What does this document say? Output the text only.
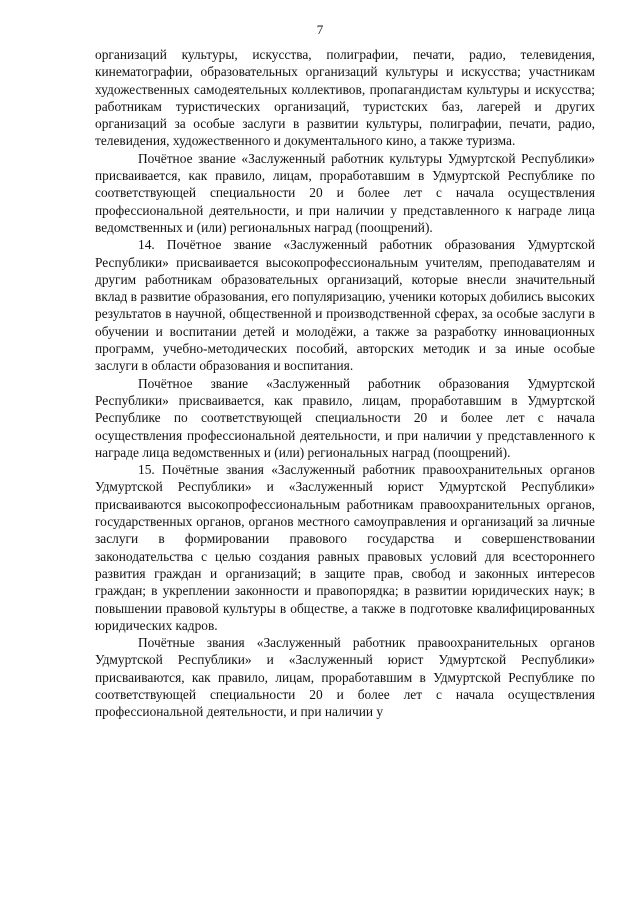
7

организаций культуры, искусства, полиграфии, печати, радио, телевидения, кинематографии, образовательных организаций культуры и искусства; участникам художественных самодеятельных коллективов, пропагандистам культуры и искусства; работникам туристических организаций, туристских баз, лагерей и других организаций за особые заслуги в развитии культуры, полиграфии, печати, радио, телевидения, художественного и документального кино, а также туризма.

Почётное звание «Заслуженный работник культуры Удмуртской Республики» присваивается, как правило, лицам, проработавшим в Удмуртской Республике по соответствующей специальности 20 и более лет с начала осуществления профессиональной деятельности, и при наличии у представленного к награде лица ведомственных и (или) региональных наград (поощрений).

14. Почётное звание «Заслуженный работник образования Удмуртской Республики» присваивается высокопрофессиональным учителям, преподавателям и другим работникам образовательных организаций, которые внесли значительный вклад в развитие образования, его популяризацию, ученики которых добились высоких результатов в научной, общественной и производственной сферах, за особые заслуги в обучении и воспитании детей и молодёжи, а также за разработку инновационных программ, учебно-методических пособий, авторских методик и за иные особые заслуги в области образования и воспитания.

Почётное звание «Заслуженный работник образования Удмуртской Республики» присваивается, как правило, лицам, проработавшим в Удмуртской Республике по соответствующей специальности 20 и более лет с начала осуществления профессиональной деятельности, и при наличии у представленного к награде лица ведомственных и (или) региональных наград (поощрений).

15. Почётные звания «Заслуженный работник правоохранительных органов Удмуртской Республики» и «Заслуженный юрист Удмуртской Республики» присваиваются высокопрофессиональным работникам правоохранительных органов, государственных органов, органов местного самоуправления и организаций за личные заслуги в формировании правового государства и совершенствовании законодательства с целью создания равных правовых условий для всестороннего развития граждан и организаций; в защите прав, свобод и законных интересов граждан; в укреплении законности и правопорядка; в развитии юридических наук; в повышении правовой культуры в обществе, а также в подготовке квалифицированных юридических кадров.

Почётные звания «Заслуженный работник правоохранительных органов Удмуртской Республики» и «Заслуженный юрист Удмуртской Республики» присваиваются, как правило, лицам, проработавшим в Удмуртской Республике по соответствующей специальности 20 и более лет с начала осуществления профессиональной деятельности, и при наличии у
